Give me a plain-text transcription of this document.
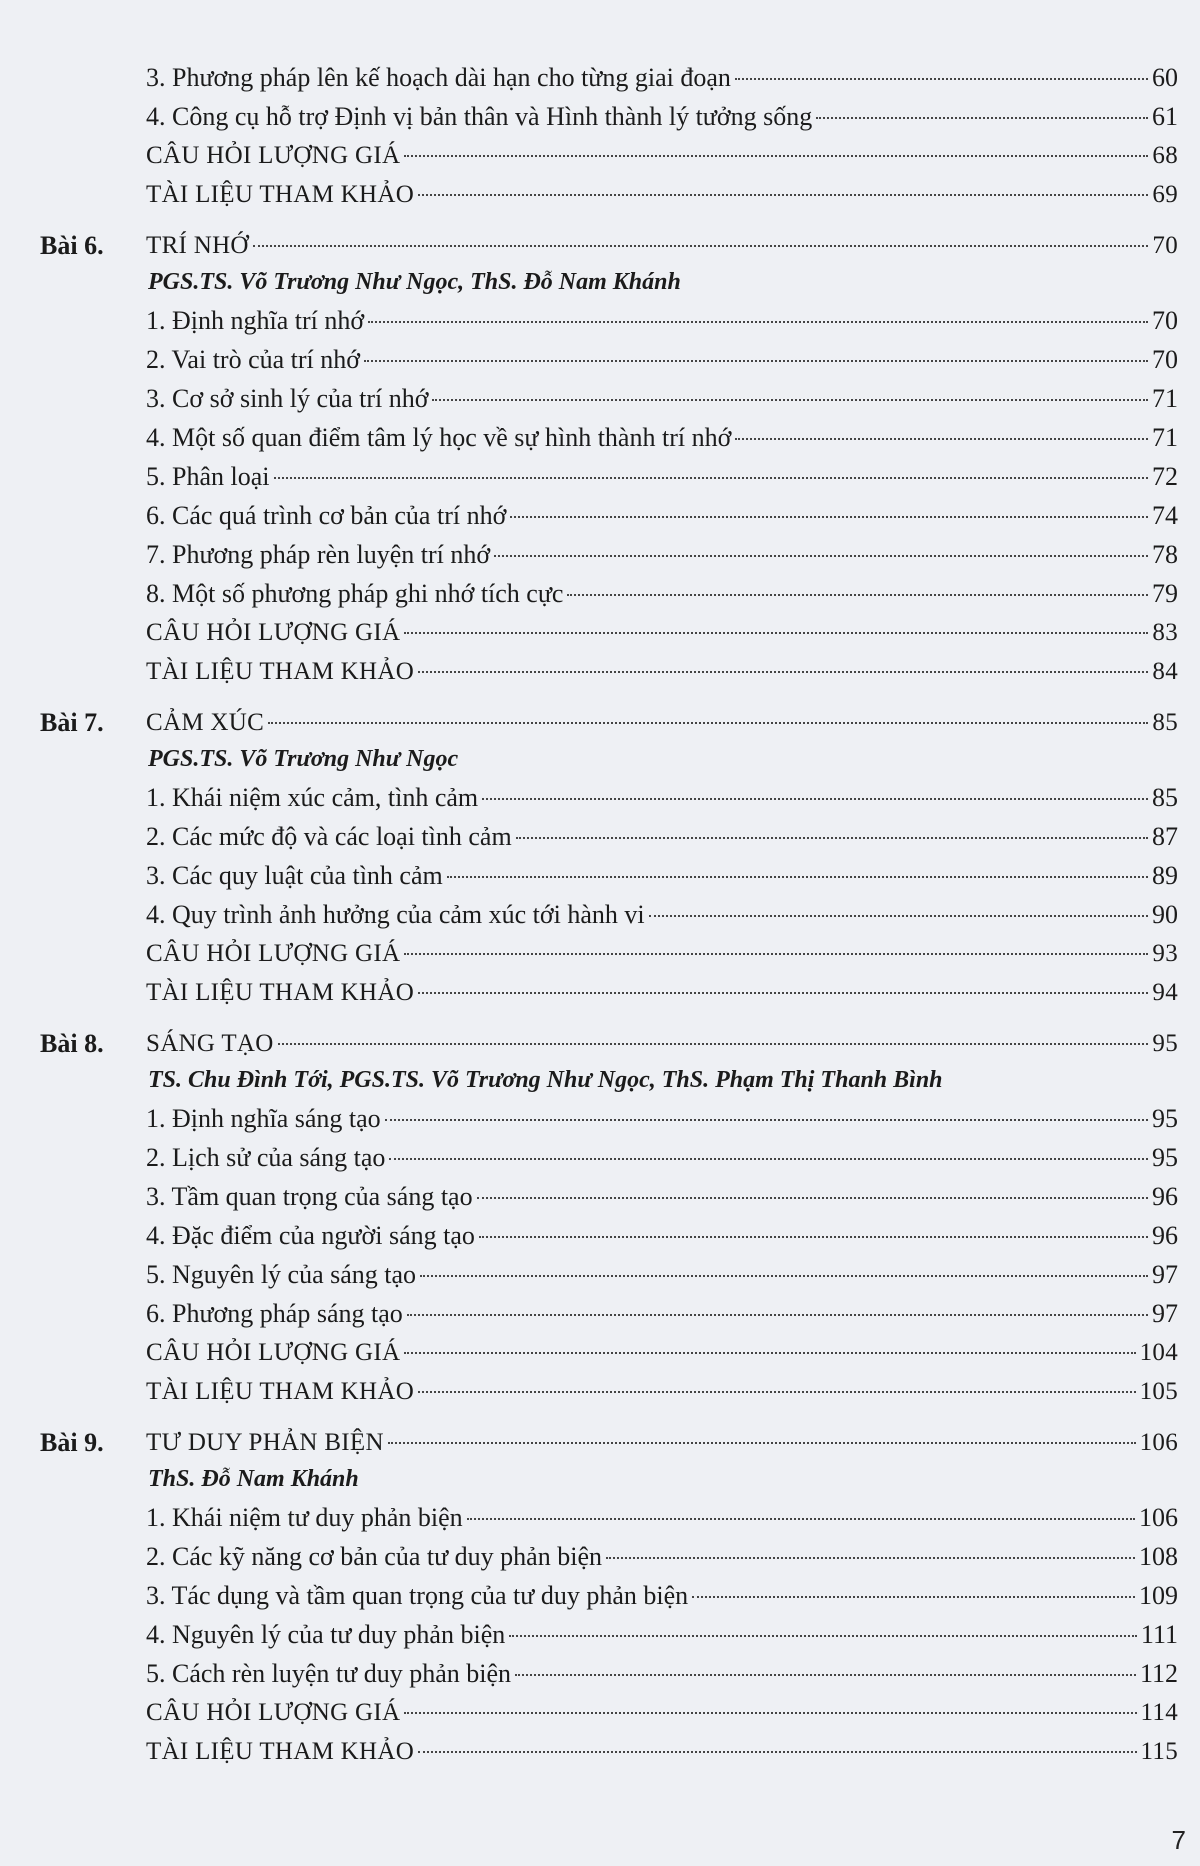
3. Phương pháp lên kế hoạch dài hạn cho từng giai đoạn	60
4. Công cụ hỗ trợ Định vị bản thân và Hình thành lý tưởng sống	61
CÂU HỎI LƯỢNG GIÁ	68
TÀI LIỆU THAM KHẢO	69
Bài 6. TRÍ NHỚ	70
PGS.TS. Võ Trương Như Ngọc, ThS. Đỗ Nam Khánh
1. Định nghĩa trí nhớ	70
2. Vai trò của trí nhớ	70
3. Cơ sở sinh lý của trí nhớ	71
4. Một số quan điểm tâm lý học về sự hình thành trí nhớ	71
5. Phân loại	72
6. Các quá trình cơ bản của trí nhớ	74
7. Phương pháp rèn luyện trí nhớ	78
8. Một số phương pháp ghi nhớ tích cực	79
CÂU HỎI LƯỢNG GIÁ	83
TÀI LIỆU THAM KHẢO	84
Bài 7. CẢM XÚC	85
PGS.TS. Võ Trương Như Ngọc
1. Khái niệm xúc cảm, tình cảm	85
2. Các mức độ và các loại tình cảm	87
3. Các quy luật của tình cảm	89
4. Quy trình ảnh hưởng của cảm xúc tới hành vi	90
CÂU HỎI LƯỢNG GIÁ	93
TÀI LIỆU THAM KHẢO	94
Bài 8. SÁNG TẠO	95
TS. Chu Đình Tới, PGS.TS. Võ Trương Như Ngọc, ThS. Phạm Thị Thanh Bình
1. Định nghĩa sáng tạo	95
2. Lịch sử của sáng tạo	95
3. Tầm quan trọng của sáng tạo	96
4. Đặc điểm của người sáng tạo	96
5. Nguyên lý của sáng tạo	97
6. Phương pháp sáng tạo	97
CÂU HỎI LƯỢNG GIÁ	104
TÀI LIỆU THAM KHẢO	105
Bài 9. TƯ DUY PHẢN BIỆN	106
ThS. Đỗ Nam Khánh
1. Khái niệm tư duy phản biện	106
2. Các kỹ năng cơ bản của tư duy phản biện	108
3. Tác dụng và tầm quan trọng của tư duy phản biện	109
4. Nguyên lý của tư duy phản biện	111
5. Cách rèn luyện tư duy phản biện	112
CÂU HỎI LƯỢNG GIÁ	114
TÀI LIỆU THAM KHẢO	115
7
